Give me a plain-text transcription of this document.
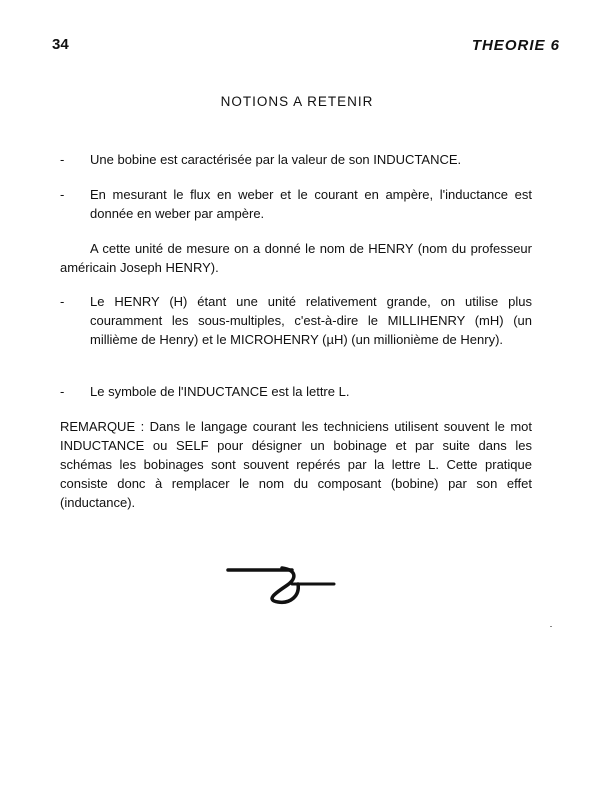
34	THEORIE 6
NOTIONS A RETENIR
- Une bobine est caractérisée par la valeur de son INDUCTANCE.
- En mesurant le flux en weber et le courant en ampère, l'inductance est donnée en weber par ampère.
A cette unité de mesure on a donné le nom de HENRY (nom du professeur américain Joseph HENRY).
- Le HENRY (H) étant une unité relativement grande, on utilise plus couramment les sous-multiples, c'est-à-dire le MILLIHENRY (mH) (un millième de Henry) et le MICROHENRY (µH) (un millionième de Henry).
- Le symbole de l'INDUCTANCE est la lettre L.
REMARQUE : Dans le langage courant les techniciens utilisent souvent le mot INDUCTANCE ou SELF pour désigner un bobinage et par suite dans les schémas les bobinages sont souvent repérés par la lettre L. Cette pratique consiste donc à remplacer le nom du composant (bobine) par son effet (inductance).
